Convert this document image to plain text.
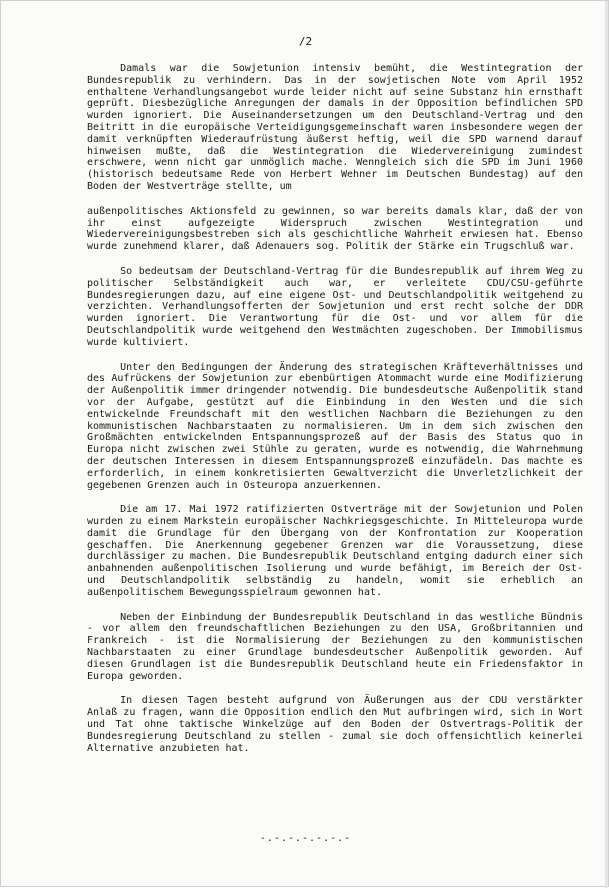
/2

Damals war die Sowjetunion intensiv bemüht, die Westintegration der Bundesrepublik zu verhindern. Das in der sowjetischen Note vom April 1952 enthaltene Verhandlungsangebot wurde leider nicht auf seine Substanz hin ernsthaft geprüft. Diesbezügliche Anregungen der damals in der Opposition befindlichen SPD wurden ignoriert. Die Auseinandersetzungen um den Deutschland-Vertrag und den Beitritt in die europäische Verteidigungsgemeinschaft waren insbesondere wegen der damit verknüpften Wiederaufrüstung äußerst heftig, weil die SPD warnend darauf hinweisen mußte, daß die Westintegration die Wiedervereinigung zumindest erschwere, wenn nicht gar unmöglich mache. Wenngleich sich die SPD im Juni 1960 (historisch bedeutsame Rede von Herbert Wehner im Deutschen Bundestag) auf den Boden der Westverträge stellte, um

außenpolitisches Aktionsfeld zu gewinnen, so war bereits damals klar, daß der von ihr einst aufgezeigte Widerspruch zwischen Westintegration und Wiedervereinigungsbestreben sich als geschichtliche Wahrheit erwiesen hat. Ebenso wurde zunehmend klarer, daß Adenauers sog. Politik der Stärke ein Trugschluß war.

So bedeutsam der Deutschland-Vertrag für die Bundesrepublik auf ihrem Weg zu politischer Selbständigkeit auch war, er verleitete CDU/CSU-geführte Bundesregierungen dazu, auf eine eigene Ost- und Deutschlandpolitik weitgehend zu verzichten. Verhandlungsofferten der Sowjetunion und erst recht solche der DDR wurden ignoriert. Die Verantwortung für die Ost- und vor allem für die Deutschlandpolitik wurde weitgehend den Westmächten zugeschoben. Der Immobilismus wurde kultiviert.

Unter den Bedingungen der Änderung des strategischen Kräfteverhältnisses und des Aufrückens der Sowjetunion zur ebenbürtigen Atommacht wurde eine Modifizierung der Außenpolitik immer dringender notwendig. Die bundesdeutsche Außenpolitik stand vor der Aufgabe, gestützt auf die Einbindung in den Westen und die sich entwickelnde Freundschaft mit den westlichen Nachbarn die Beziehungen zu den kommunistischen Nachbarstaaten zu normalisieren. Um in dem sich zwischen den Großmächten entwickelnden Entspannungsprozeß auf der Basis des Status quo in Europa nicht zwischen zwei Stühle zu geraten, wurde es notwendig, die Wahrnehmung der deutschen Interessen in diesem Entspannungsprozeß einzufädeln. Das machte es erforderlich, in einem konkretisierten Gewaltverzicht die Unverletzlichkeit der gegebenen Grenzen auch in Osteuropa anzuerkennen.

Die am 17. Mai 1972 ratifizierten Ostverträge mit der Sowjetunion und Polen wurden zu einem Markstein europäischer Nachkriegsgeschichte. In Mitteleuropa wurde damit die Grundlage für den Übergang von der Konfrontation zur Kooperation geschaffen. Die Anerkennung gegebener Grenzen war die Voraussetzung, diese durchlässiger zu machen. Die Bundesrepublik Deutschland entging dadurch einer sich anbahnenden außenpolitischen Isolierung und wurde befähigt, im Bereich der Ost- und Deutschlandpolitik selbständig zu handeln, womit sie erheblich an außenpolitischem Bewegungsspielraum gewonnen hat.

Neben der Einbindung der Bundesrepublik Deutschland in das westliche Bündnis - vor allem den freundschaftlichen Beziehungen zu den USA, Großbritannien und Frankreich - ist die Normalisierung der Beziehungen zu den kommunistischen Nachbarstaaten zu einer Grundlage bundesdeutscher Außenpolitik geworden. Auf diesen Grundlagen ist die Bundesrepublik Deutschland heute ein Friedensfaktor in Europa geworden.

In diesen Tagen besteht aufgrund von Äußerungen aus der CDU verstärkter Anlaß zu fragen, wann die Opposition endlich den Mut aufbringen wird, sich in Wort und Tat ohne taktische Winkelzüge auf den Boden der Ostvertrags-Politik der Bundesregierung Deutschland zu stellen - zumal sie doch offensichtlich keinerlei Alternative anzubieten hat.

-.-.-.-.-.-.-
